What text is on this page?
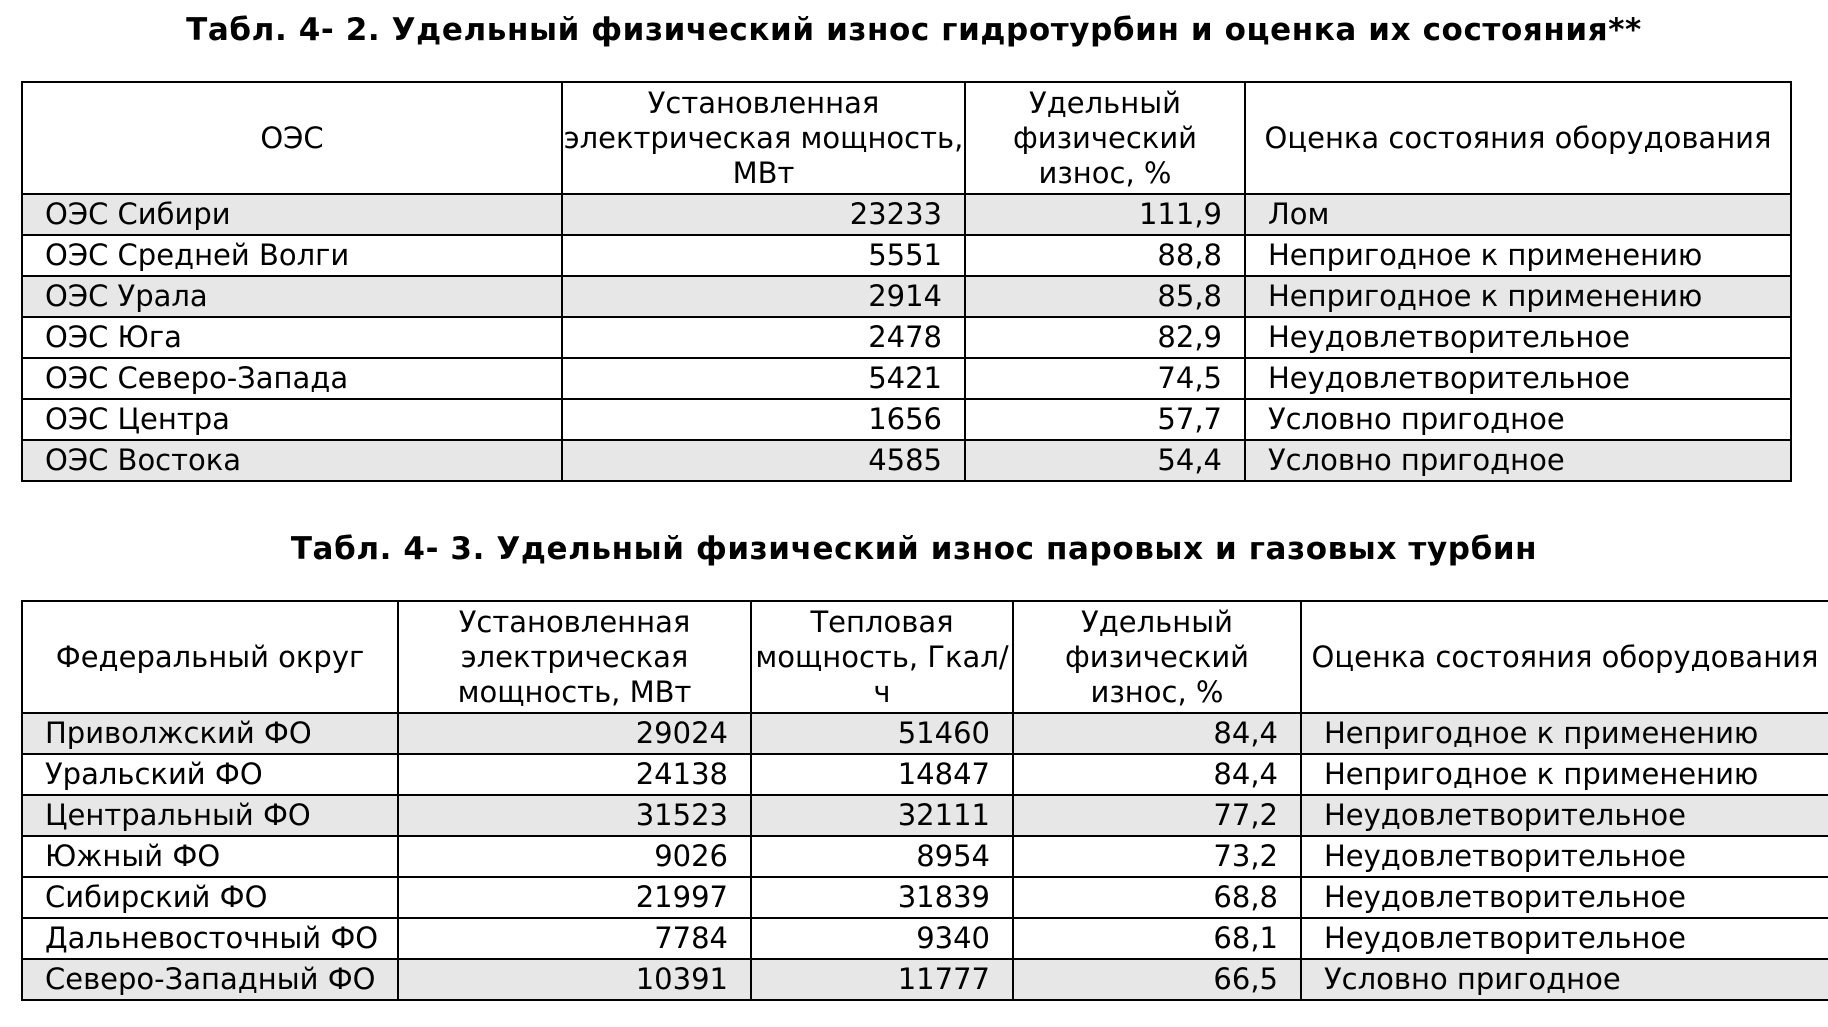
Табл. 4- 2. Удельный физический износ гидротурбин и оценка их состояния**
ОЭС	Установленная электрическая мощность, МВт	Удельный физический износ, %	Оценка состояния оборудования
ОЭС Сибири	23233	111,9	Лом
ОЭС Средней Волги	5551	88,8	Непригодное к применению
ОЭС Урала	2914	85,8	Непригодное к применению
ОЭС Юга	2478	82,9	Неудовлетворительное
ОЭС Северо-Запада	5421	74,5	Неудовлетворительное
ОЭС Центра	1656	57,7	Условно пригодное
ОЭС Востока	4585	54,4	Условно пригодное
Табл. 4- 3. Удельный физический износ паровых и газовых турбин
Федеральный округ	Установленная электрическая мощность, МВт	Тепловая мощность, Гкал/ч	Удельный физический износ, %	Оценка состояния оборудования
Приволжский ФО	29024	51460	84,4	Непригодное к применению
Уральский ФО	24138	14847	84,4	Непригодное к применению
Центральный ФО	31523	32111	77,2	Неудовлетворительное
Южный ФО	9026	8954	73,2	Неудовлетворительное
Сибирский ФО	21997	31839	68,8	Неудовлетворительное
Дальневосточный ФО	7784	9340	68,1	Неудовлетворительное
Северо-Западный ФО	10391	11777	66,5	Условно пригодное
